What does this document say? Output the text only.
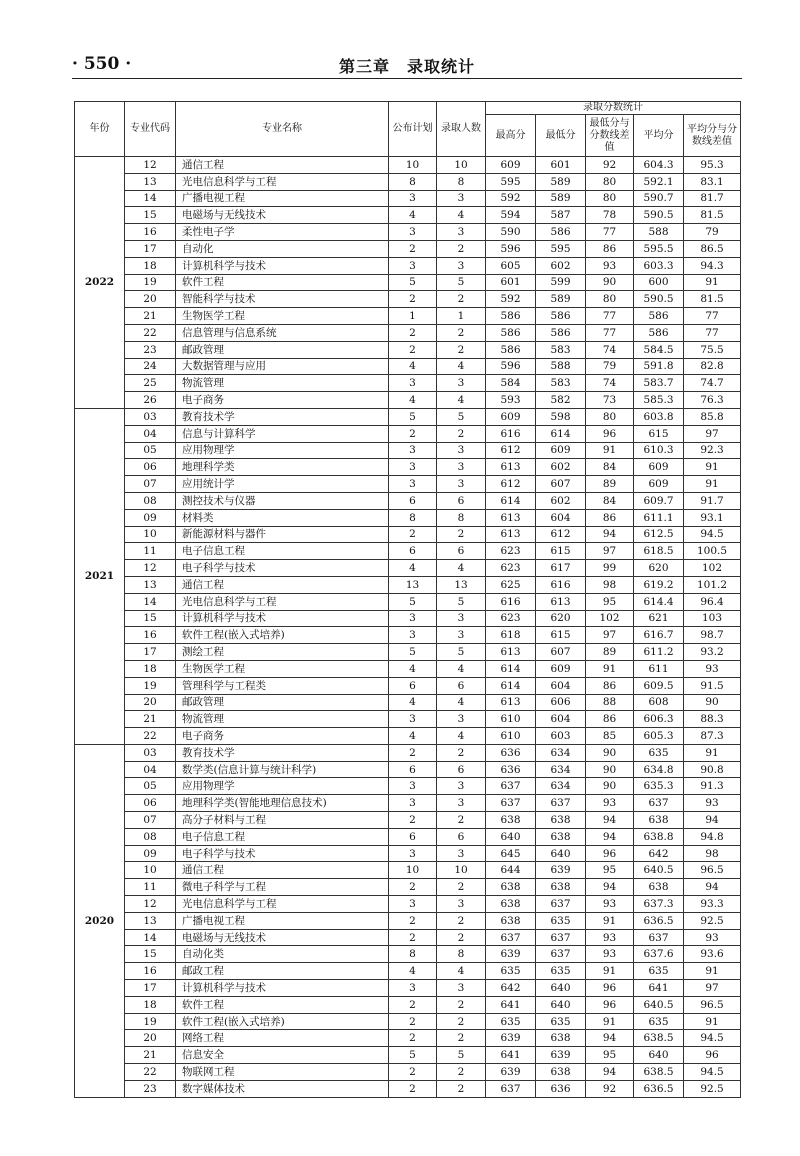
· 550 ·	第三章　录取统计
年份	专业代码	专业名称	公布计划	录取人数	录取分数统计				
					最高分	最低分	最低分与分数线差值	平均分	平均分与分数线差值

2022	12	通信工程	10	10	609	601	92	604.3	95.3
	13	光电信息科学与工程	8	8	595	589	80	592.1	83.1
	14	广播电视工程	3	3	592	589	80	590.7	81.7
	15	电磁场与无线技术	4	4	594	587	78	590.5	81.5
	16	柔性电子学	3	3	590	586	77	588	79
	17	自动化	2	2	596	595	86	595.5	86.5
	18	计算机科学与技术	3	3	605	602	93	603.3	94.3
	19	软件工程	5	5	601	599	90	600	91
	20	智能科学与技术	2	2	592	589	80	590.5	81.5
	21	生物医学工程	1	1	586	586	77	586	77
	22	信息管理与信息系统	2	2	586	586	77	586	77
	23	邮政管理	2	2	586	583	74	584.5	75.5
	24	大数据管理与应用	4	4	596	588	79	591.8	82.8
	25	物流管理	3	3	584	583	74	583.7	74.7
	26	电子商务	4	4	593	582	73	585.3	76.3
2021	03	教育技术学	5	5	609	598	80	603.8	85.8
	04	信息与计算科学	2	2	616	614	96	615	97
	05	应用物理学	3	3	612	609	91	610.3	92.3
	06	地理科学类	3	3	613	602	84	609	91
	07	应用统计学	3	3	612	607	89	609	91
	08	测控技术与仪器	6	6	614	602	84	609.7	91.7
	09	材料类	8	8	613	604	86	611.1	93.1
	10	新能源材料与器件	2	2	613	612	94	612.5	94.5
	11	电子信息工程	6	6	623	615	97	618.5	100.5
	12	电子科学与技术	4	4	623	617	99	620	102
	13	通信工程	13	13	625	616	98	619.2	101.2
	14	光电信息科学与工程	5	5	616	613	95	614.4	96.4
	15	计算机科学与技术	3	3	623	620	102	621	103
	16	软件工程(嵌入式培养)	3	3	618	615	97	616.7	98.7
	17	测绘工程	5	5	613	607	89	611.2	93.2
	18	生物医学工程	4	4	614	609	91	611	93
	19	管理科学与工程类	6	6	614	604	86	609.5	91.5
	20	邮政管理	4	4	613	606	88	608	90
	21	物流管理	3	3	610	604	86	606.3	88.3
	22	电子商务	4	4	610	603	85	605.3	87.3
2020	03	教育技术学	2	2	636	634	90	635	91
	04	数学类(信息计算与统计科学)	6	6	636	634	90	634.8	90.8
	05	应用物理学	3	3	637	634	90	635.3	91.3
	06	地理科学类(智能地理信息技术)	3	3	637	637	93	637	93
	07	高分子材料与工程	2	2	638	638	94	638	94
	08	电子信息工程	6	6	640	638	94	638.8	94.8
	09	电子科学与技术	3	3	645	640	96	642	98
	10	通信工程	10	10	644	639	95	640.5	96.5
	11	微电子科学与工程	2	2	638	638	94	638	94
	12	光电信息科学与工程	3	3	638	637	93	637.3	93.3
	13	广播电视工程	2	2	638	635	91	636.5	92.5
	14	电磁场与无线技术	2	2	637	637	93	637	93
	15	自动化类	8	8	639	637	93	637.6	93.6
	16	邮政工程	4	4	635	635	91	635	91
	17	计算机科学与技术	3	3	642	640	96	641	97
	18	软件工程	2	2	641	640	96	640.5	96.5
	19	软件工程(嵌入式培养)	2	2	635	635	91	635	91
	20	网络工程	2	2	639	638	94	638.5	94.5
	21	信息安全	5	5	641	639	95	640	96
	22	物联网工程	2	2	639	638	94	638.5	94.5
	23	数字媒体技术	2	2	637	636	92	636.5	92.5
